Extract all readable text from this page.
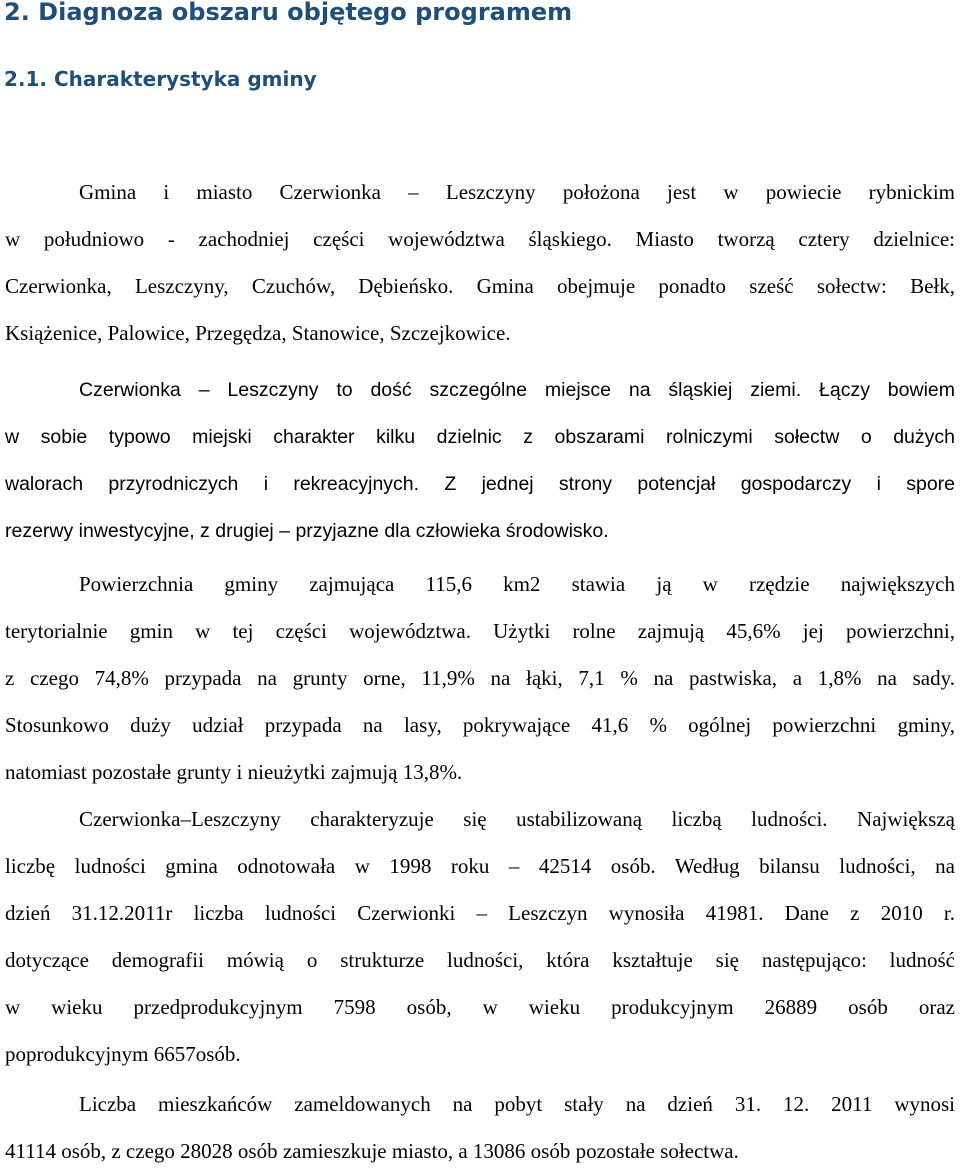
2. Diagnoza obszaru objętego programem
2.1. Charakterystyka gminy
Gmina i miasto Czerwionka – Leszczyny położona jest w powiecie rybnickim
w południowo - zachodniej części województwa śląskiego. Miasto tworzą cztery dzielnice:
Czerwionka, Leszczyny, Czuchów, Dębieńsko. Gmina obejmuje ponadto sześć sołectw: Bełk,
Książenice, Palowice, Przegędza, Stanowice, Szczejkowice.
Czerwionka – Leszczyny to dość szczególne miejsce na śląskiej ziemi. Łączy bowiem
w sobie typowo miejski charakter kilku dzielnic z obszarami rolniczymi sołectw o dużych
walorach przyrodniczych i rekreacyjnych. Z jednej strony potencjał gospodarczy i spore
rezerwy inwestycyjne, z drugiej – przyjazne dla człowieka środowisko.
Powierzchnia gminy zajmująca 115,6 km2 stawia ją w rzędzie największych
terytorialnie gmin w tej części województwa. Użytki rolne zajmują 45,6% jej powierzchni,
z czego 74,8% przypada na grunty orne, 11,9% na łąki, 7,1 % na pastwiska, a 1,8% na sady.
Stosunkowo duży udział przypada na lasy, pokrywające 41,6 % ogólnej powierzchni gminy,
natomiast pozostałe grunty i nieużytki zajmują 13,8%.
Czerwionka–Leszczyny charakteryzuje się ustabilizowaną liczbą ludności. Największą
liczbę ludności gmina odnotowała w 1998 roku – 42514 osób. Według bilansu ludności, na
dzień 31.12.2011r liczba ludności Czerwionki – Leszczyn wynosiła 41981. Dane z 2010 r.
dotyczące demografii mówią o strukturze ludności, która kształtuje się następująco: ludność
w wieku przedprodukcyjnym 7598 osób, w wieku produkcyjnym 26889 osób oraz
poprodukcyjnym 6657osób.
Liczba mieszkańców zameldowanych na pobyt stały na dzień 31. 12. 2011 wynosi
41114 osób, z czego 28028 osób zamieszkuje miasto, a 13086 osób pozostałe sołectwa.
